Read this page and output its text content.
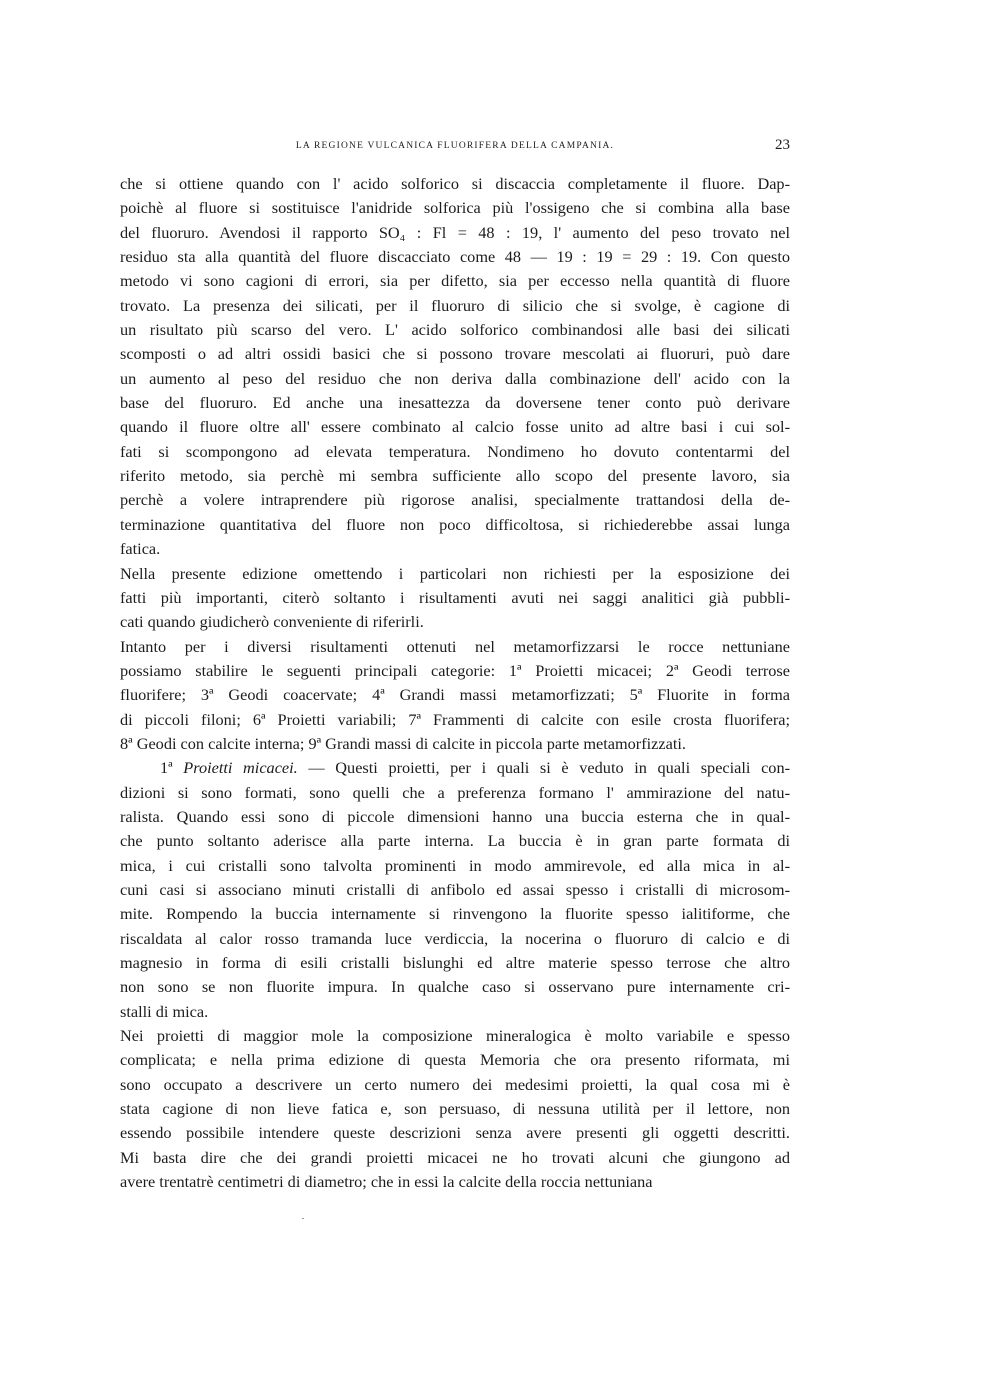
LA REGIONE VULCANICA FLUORIFERA DELLA CAMPANIA.	23
che si ottiene quando con l' acido solforico si discaccia completamente il fluore. Dap-
poichè al fluore si sostituisce l'anidride solforica più l'ossigeno che si combina alla base
del fluoruro. Avendosi il rapporto SO₄ : Fl = 48 : 19, l' aumento del peso trovato nel
residuo sta alla quantità del fluore discacciato come 48 — 19 : 19 = 29 : 19. Con questo
metodo vi sono cagioni di errori, sia per difetto, sia per eccesso nella quantità di fluore
trovato. La presenza dei silicati, per il fluoruro di silicio che si svolge, è cagione di
un risultato più scarso del vero. L' acido solforico combinandosi alle basi dei silicati
scomposti o ad altri ossidi basici che si possono trovare mescolati ai fluoruri, può dare
un aumento al peso del residuo che non deriva dalla combinazione dell' acido con la
base del fluoruro. Ed anche una inesattezza da doversene tener conto può derivare
quando il fluore oltre all' essere combinato al calcio fosse unito ad altre basi i cui sol-
fati si scompongono ad elevata temperatura. Nondimeno ho dovuto contentarmi del
riferito metodo, sia perchè mi sembra sufficiente allo scopo del presente lavoro, sia
perchè a volere intraprendere più rigorose analisi, specialmente trattandosi della de-
terminazione quantitativa del fluore non poco difficoltosa, si richiederebbe assai lunga
fatica.
Nella presente edizione omettendo i particolari non richiesti per la esposizione dei
fatti più importanti, citerò soltanto i risultamenti avuti nei saggi analitici già pubbli-
cati quando giudicherò conveniente di riferirli.
Intanto per i diversi risultamenti ottenuti nel metamorfizzarsi le rocce nettuniane
possiamo stabilire le seguenti principali categorie: 1ª Proietti micacei; 2ª Geodi terrose
fluorifere; 3ª Geodi coacervate; 4ª Grandi massi metamorfizzati; 5ª Fluorite in forma
di piccoli filoni; 6ª Proietti variabili; 7ª Frammenti di calcite con esile crosta fluorifera;
8ª Geodi con calcite interna; 9ª Grandi massi di calcite in piccola parte metamorfizzati.
1ª Proietti micacei. — Questi proietti, per i quali si è veduto in quali speciali con-
dizioni si sono formati, sono quelli che a preferenza formano l' ammirazione del natu-
ralista. Quando essi sono di piccole dimensioni hanno una buccia esterna che in qual-
che punto soltanto aderisce alla parte interna. La buccia è in gran parte formata di
mica, i cui cristalli sono talvolta prominenti in modo ammirevole, ed alla mica in al-
cuni casi si associano minuti cristalli di anfibolo ed assai spesso i cristalli di microsom-
mite. Rompendo la buccia internamente si rinvengono la fluorite spesso ialitiforme, che
riscaldata al calor rosso tramanda luce verdiccia, la nocerina o fluoruro di calcio e di
magnesio in forma di esili cristalli bislunghi ed altre materie spesso terrose che altro
non sono se non fluorite impura. In qualche caso si osservano pure internamente cri-
stalli di mica.
Nei proietti di maggior mole la composizione mineralogica è molto variabile e spesso
complicata; e nella prima edizione di questa Memoria che ora presento riformata, mi
sono occupato a descrivere un certo numero dei medesimi proietti, la qual cosa mi è
stata cagione di non lieve fatica e, son persuaso, di nessuna utilità per il lettore, non
essendo possibile intendere queste descrizioni senza avere presenti gli oggetti descritti.
Mi basta dire che dei grandi proietti micacei ne ho trovati alcuni che giungono ad
avere trentatrè centimetri di diametro; che in essi la calcite della roccia nettuniana
